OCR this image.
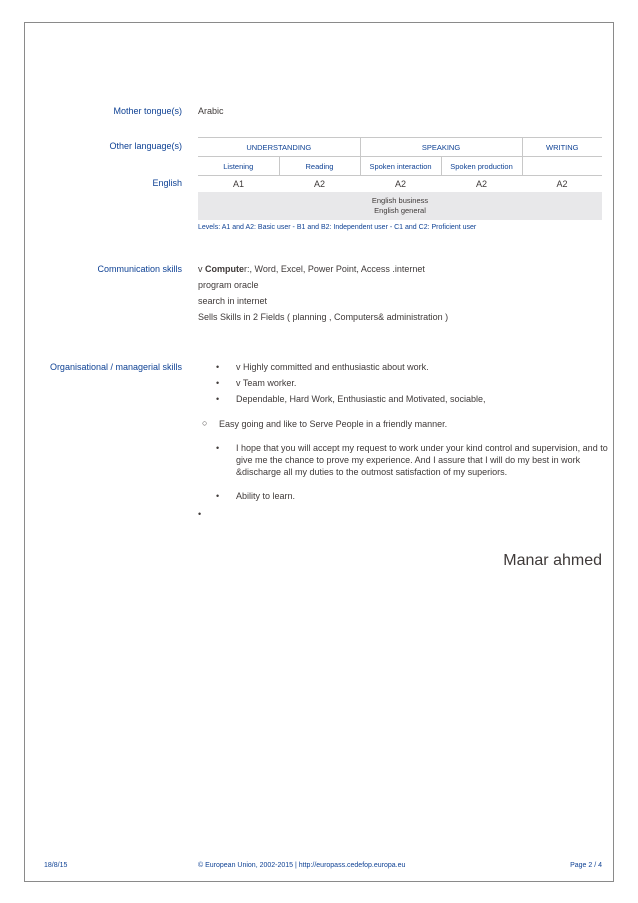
Mother tongue(s) Arabic
Other language(s)
English
UNDERSTANDING		SPEAKING		WRITING
Listening	Reading	Spoken interaction	Spoken production	
A1	A2	A2	A2	A2

English business
English general				
Levels: A1 and A2: Basic user - B1 and B2: Independent user - C1 and C2: Proficient user
Communication skills v Computer:, Word, Excel, Power Point, Access .internet
program oracle
search in internet
Sells Skills in 2 Fields ( planning , Computers& administration )
Organisational / managerial skills	• v Highly committed and enthusiastic about work.
• v Team worker.
• Dependable, Hard Work, Enthusiastic and Motivated, sociable,
○ Easy going and like to Serve People in a friendly manner.
• I hope that you will accept my request to work under your kind control and supervision, and to
give me the chance to prove my experience. And I assure that I will do my best in work
&discharge all my duties to the outmost satisfaction of my superiors.
• Ability to learn.
•
Manar ahmed
18/8/15	© European Union, 2002-2015 | http://europass.cedefop.europa.eu	Page 2 / 4
